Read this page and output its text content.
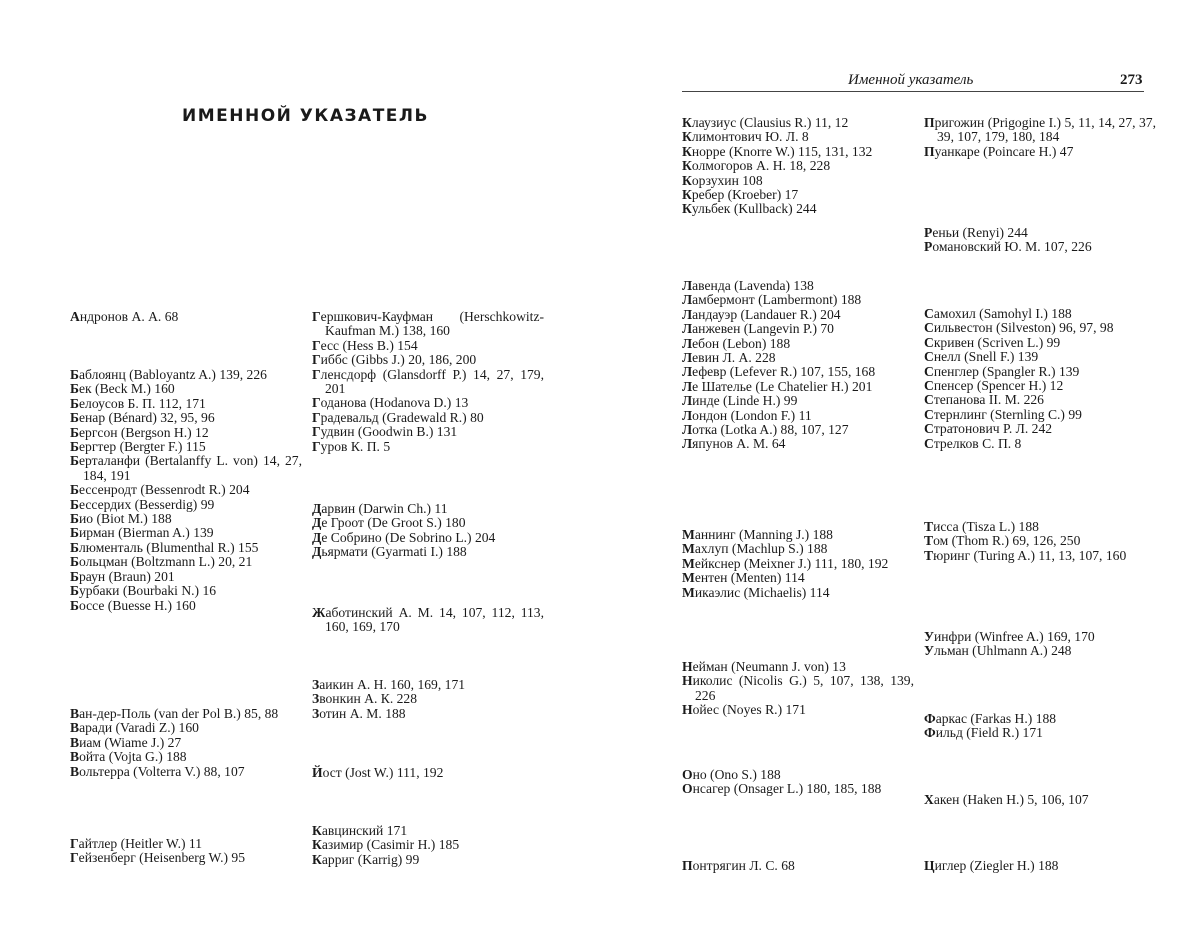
ИМЕННОЙ УКАЗАТЕЛЬ
Андронов А. А. 68
Баблоянц (Babloyantz A.) 139, 226
Бек (Beck M.) 160
Белоусов Б. П. 112, 171
Бенар (Bénard) 32, 95, 96
Бергсон (Bergson H.) 12
Бергтер (Bergter F.) 115
Берталанфи (Bertalanffy L. von) 14, 27, 184, 191
Бессенродт (Bessenrodt R.) 204
Бессердих (Besserdig) 99
Био (Biot M.) 188
Бирман (Bierman A.) 139
Блюменталь (Blumenthal R.) 155
Больцман (Boltzmann L.) 20, 21
Браун (Braun) 201
Бурбаки (Bourbaki N.) 16
Боссе (Buesse H.) 160
Ван-дер-Поль (van der Pol B.) 85, 88
Варади (Varadi Z.) 160
Виам (Wiame J.) 27
Войта (Vojta G.) 188
Вольтерра (Volterra V.) 88, 107
Гайтлер (Heitler W.) 11
Гейзенберг (Heisenberg W.) 95
Гершкович-Кауфман (Herschkowitz-Kaufman M.) 138, 160
Гесс (Hess B.) 154
Гиббс (Gibbs J.) 20, 186, 200
Гленсдорф (Glansdorff P.) 14, 27, 179, 201
Годанова (Hodanova D.) 13
Градевальд (Gradewald R.) 80
Гудвин (Goodwin B.) 131
Гуров К. П. 5
Дарвин (Darwin Ch.) 11
Де Гроот (De Groot S.) 180
Де Собрино (De Sobrino L.) 204
Дьярмати (Gyarmati I.) 188
Жаботинский А. М. 14, 107, 112, 113, 160, 169, 170
Заикин А. Н. 160, 169, 171
Звонкин А. К. 228
Зотин А. М. 188
Йост (Jost W.) 111, 192
Кавцинский 171
Казимир (Casimir H.) 185
Карриг (Karrig) 99
Именной указатель	273
Клаузиус (Clausius R.) 11, 12
Климонтович Ю. Л. 8
Кнорре (Knorre W.) 115, 131, 132
Колмогоров А. Н. 18, 228
Корзухин 108
Кребер (Kroeber) 17
Кульбек (Kullback) 244
Лавенда (Lavenda) 138
Ламбермонт (Lambermont) 188
Ландауэр (Landauer R.) 204
Ланжевен (Langevin P.) 70
Лебон (Lebon) 188
Левин Л. А. 228
Лефевр (Lefever R.) 107, 155, 168
Ле Шателье (Le Chatelier H.) 201
Линде (Linde H.) 99
Лондон (London F.) 11
Лотка (Lotka A.) 88, 107, 127
Ляпунов А. М. 64
Маннинг (Manning J.) 188
Махлуп (Machlup S.) 188
Мейкснер (Meixner J.) 111, 180, 192
Ментен (Menten) 114
Микаэлис (Michaelis) 114
Нейман (Neumann J. von) 13
Николис (Nicolis G.) 5, 107, 138, 139, 226
Нойес (Noyes R.) 171
Оно (Ono S.) 188
Онсагер (Onsager L.) 180, 185, 188
Понтрягин Л. С. 68
Пригожин (Prigogine I.) 5, 11, 14, 27, 37, 39, 107, 179, 180, 184
Пуанкаре (Poincare H.) 47
Реньи (Renyi) 244
Романовский Ю. М. 107, 226
Самохил (Samohyl I.) 188
Сильвестон (Silveston) 96, 97, 98
Скривен (Scriven L.) 99
Снелл (Snell F.) 139
Спенглер (Spangler R.) 139
Спенсер (Spencer H.) 12
Степанова II. М. 226
Стернлинг (Sternling C.) 99
Стратонович Р. Л. 242
Стрелков С. П. 8
Тисса (Tisza L.) 188
Том (Thom R.) 69, 126, 250
Тюринг (Turing A.) 11, 13, 107, 160
Уинфри (Winfree A.) 169, 170
Ульман (Uhlmann A.) 248
Фаркас (Farkas H.) 188
Фильд (Field R.) 171
Хакен (Haken H.) 5, 106, 107
Циглер (Ziegler H.) 188
